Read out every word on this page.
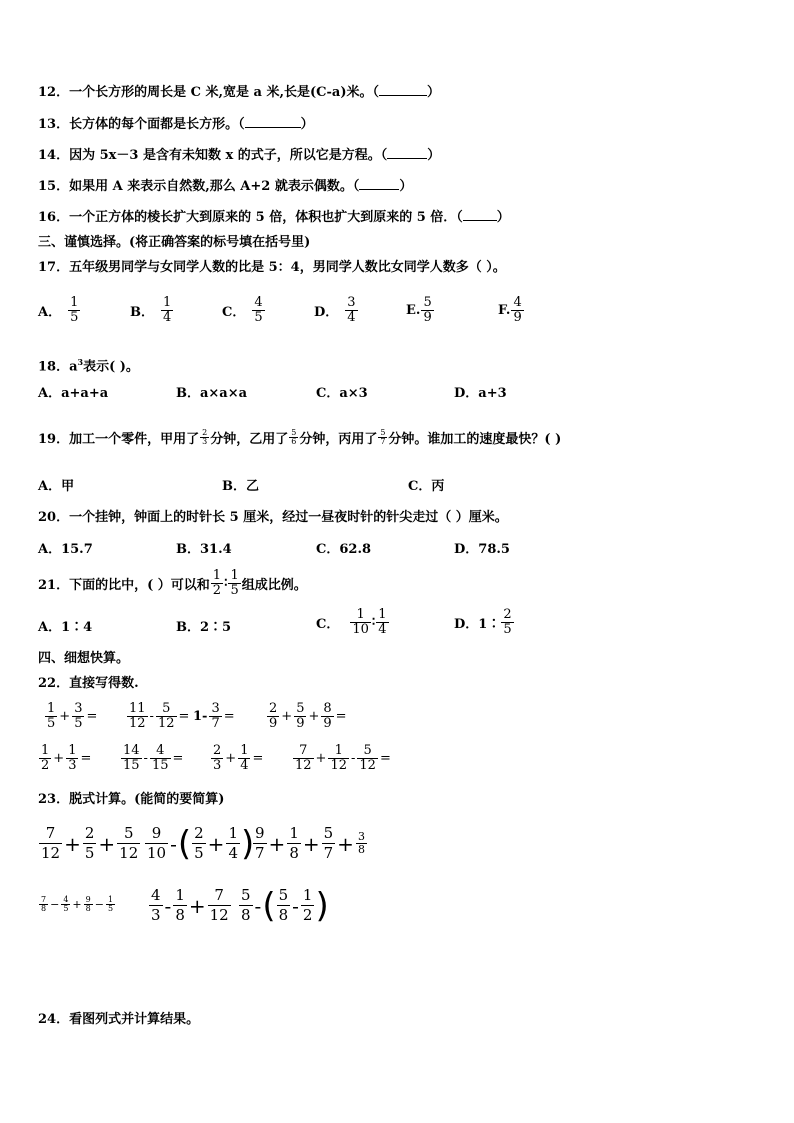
12．一个长方形的周长是 C 米,宽是 a 米,长是(C-a)米。（	）
13．长方体的每个面都是长方形。（	）
14．因为 5x－3 是含有未知数 x 的式子，所以它是方程。（	）
15．如果用 A 来表示自然数,那么 A+2 就表示偶数。（	）
16．一个正方体的棱长扩大到原来的 5 倍，体积也扩大到原来的 5 倍．（	）
三、谨慎选择。(将正确答案的标号填在括号里)
17．五年级男同学与女同学人数的比是 5：4，男同学人数比女同学人数多（ ）。
A． $\frac{1}{5}$	B． $\frac{1}{4}$	C． $\frac{4}{5}$	D． $\frac{3}{4}$	E. $\frac{5}{9}$	F. $\frac{4}{9}$
18．$a^3$表示( )。
A．a+a+a	B．a×a×a	C．a×3	D．a+3
19． 加工一个零件，甲用了 $\frac{2}{3}$ 分钟，乙用了 $\frac{5}{6}$ 分钟，丙用了 $\frac{5}{7}$ 分钟。谁加工的速度最快？( )
A．甲	B．乙	C．丙
20．一个挂钟，钟面上的时针长 5 厘米，经过一昼夜时针的针尖走过（ ）厘米。
A．15.7	B．31.4	C．62.8	D．78.5
21． 下面的比中，( ）可以和 $\frac{1}{2}$ ∶ $\frac{1}{5}$ 组成比例。
A．1∶4	B．2∶5	C． $\frac{1}{10}$ ∶ $\frac{1}{4}$	D．1∶ $\frac{2}{5}$
四、细想快算。
22．直接写得数.
$\frac{1}{5} + \frac{3}{5} = \frac{11}{12} - \frac{5}{12} = 1- \frac{3}{7} = \frac{2}{9} + \frac{5}{9} + \frac{8}{9}$ =
$\frac{1}{2} + \frac{1}{3} = \frac{14}{15} - \frac{4}{15} = \frac{2}{3} + \frac{1}{4} = \frac{7}{12} + \frac{1}{12} - \frac{5}{12}$ =
23．脱式计算。(能简的要简算)
$\frac{7}{12} + \frac{2}{5} + \frac{5}{12} \frac{9}{10}$ - ( $\frac{2}{5} + \frac{1}{4}$ )
$\frac{9}{7} + \frac{1}{8} + \frac{5}{7} + \frac{3}{8}$
$\frac{7}{8} - \frac{4}{5} + \frac{9}{8} - \frac{1}{5} \frac{4}{3} - \frac{1}{8} + \frac{7}{12} \frac{5}{8}$ - ( $\frac{5}{8} - \frac{1}{2}$ )
24．看图列式并计算结果。
